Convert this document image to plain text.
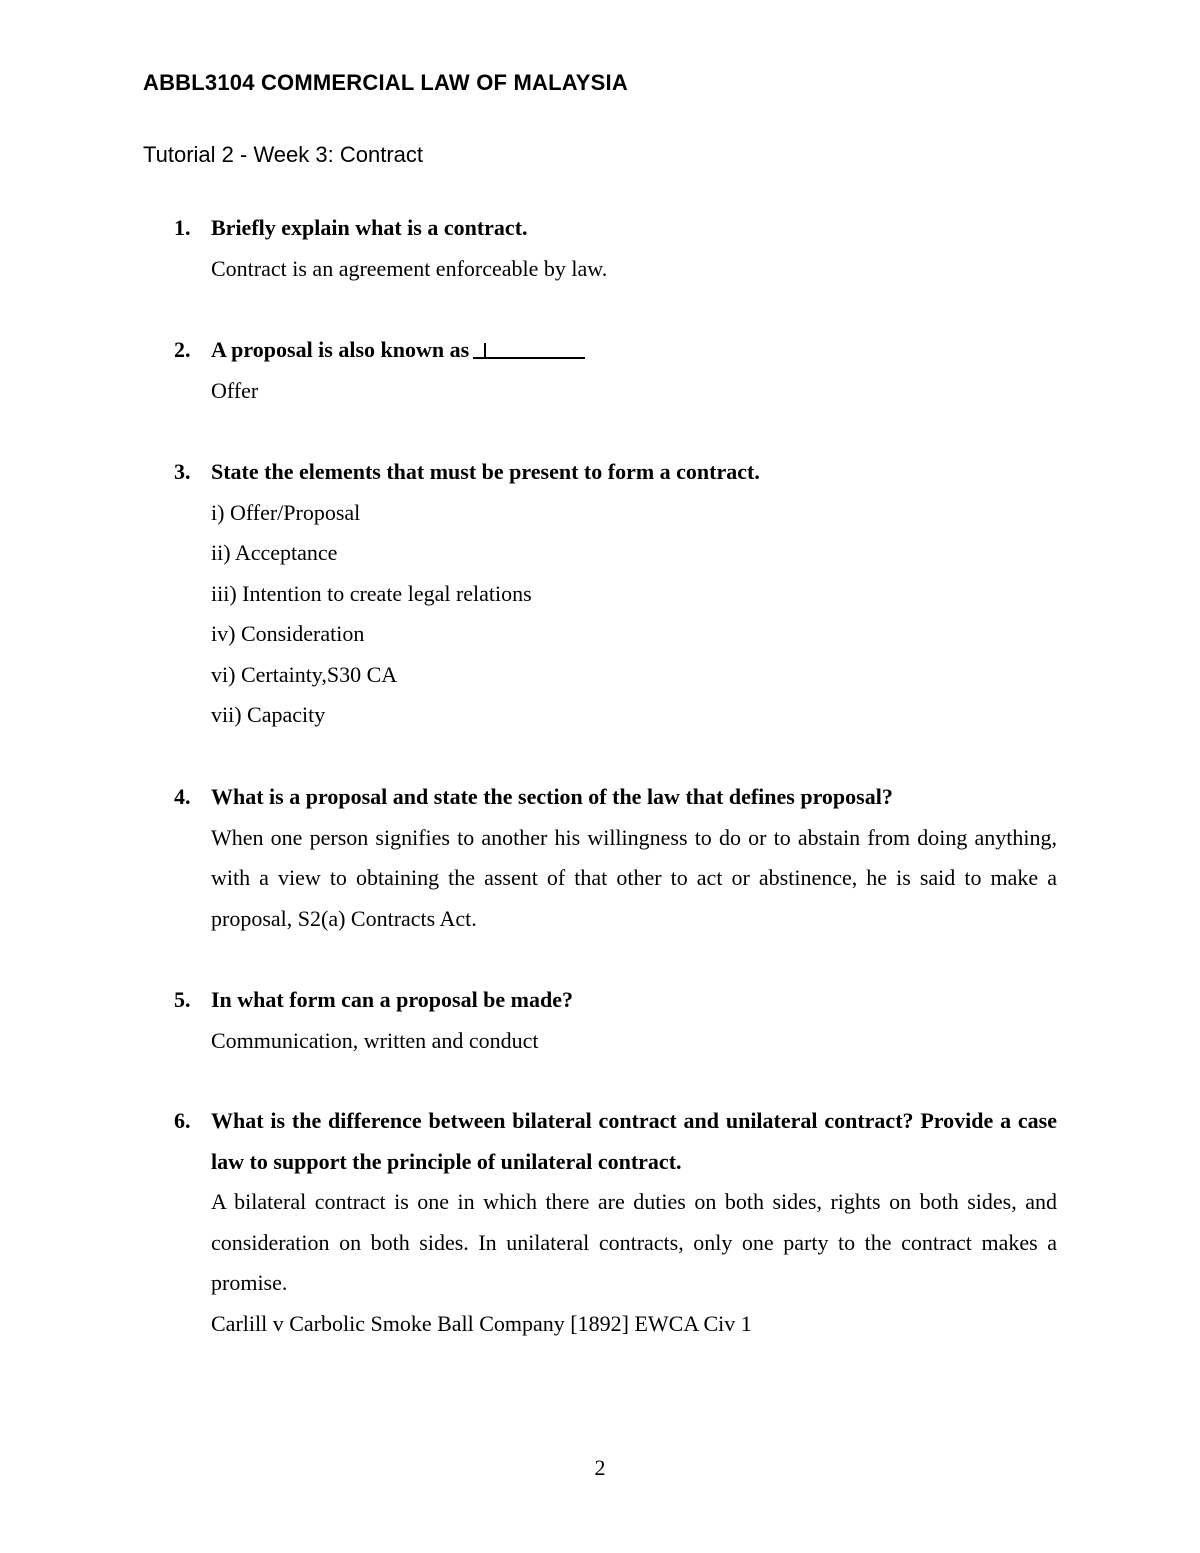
ABBL3104 COMMERCIAL LAW OF MALAYSIA
Tutorial 2 - Week 3: Contract
1. Briefly explain what is a contract.
Contract is an agreement enforceable by law.
2. A proposal is also known as
Offer
3. State the elements that must be present to form a contract.
i) Offer/Proposal
ii) Acceptance
iii) Intention to create legal relations
iv) Consideration
vi) Certainty,S30 CA
vii) Capacity
4. What is a proposal and state the section of the law that defines proposal?
When one person signifies to another his willingness to do or to abstain from doing anything, with a view to obtaining the assent of that other to act or abstinence, he is said to make a proposal, S2(a) Contracts Act.
5. In what form can a proposal be made?
Communication, written and conduct
6. What is the difference between bilateral contract and unilateral contract? Provide a case law to support the principle of unilateral contract.
A bilateral contract is one in which there are duties on both sides, rights on both sides, and consideration on both sides. In unilateral contracts, only one party to the contract makes a promise.
Carlill v Carbolic Smoke Ball Company [1892] EWCA Civ 1
2
